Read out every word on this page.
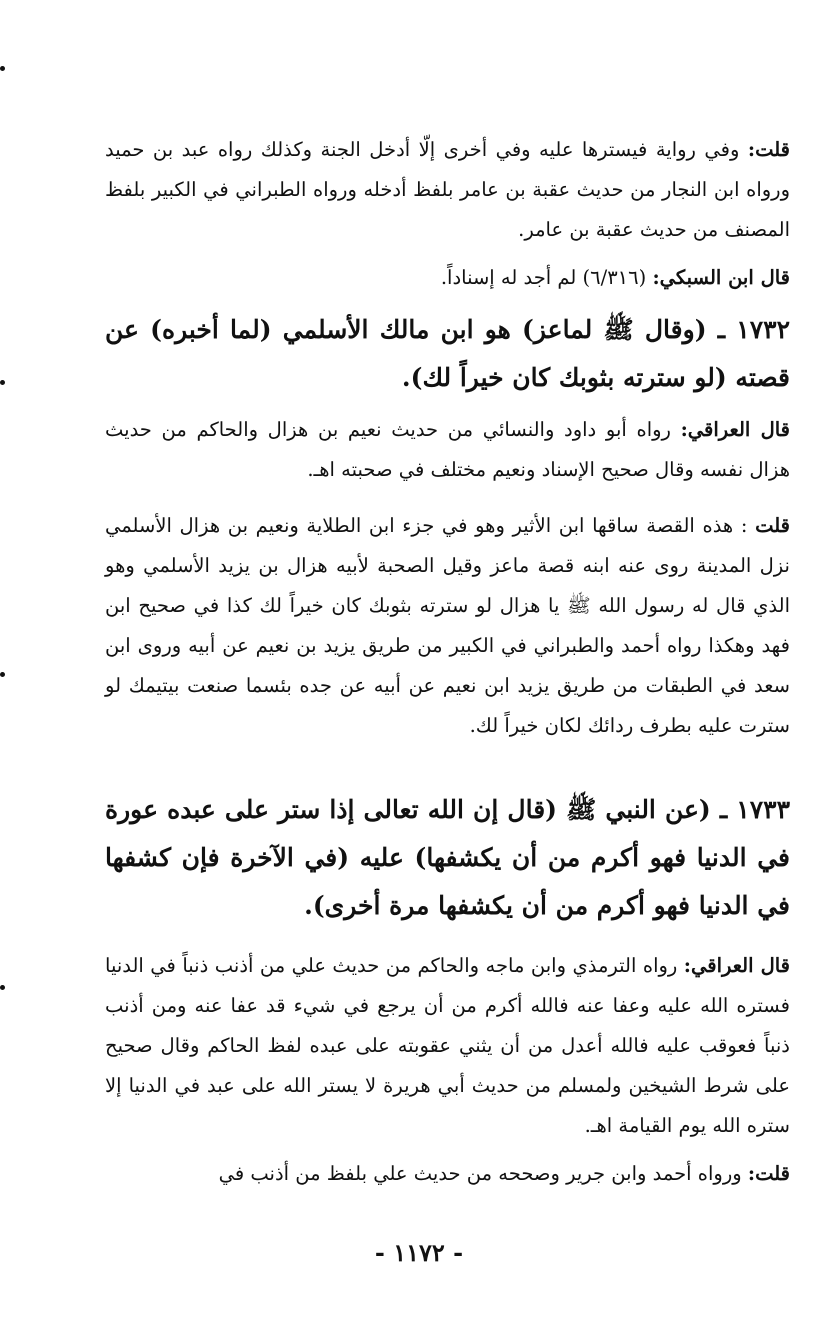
قلت: وفي رواية فيسترها عليه وفي أخرى إلّا أدخل الجنة وكذلك رواه عبد بن حميد ورواه ابن النجار من حديث عقبة بن عامر بلفظ أدخله ورواه الطبراني في الكبير بلفظ المصنف من حديث عقبة بن عامر.

قال ابن السبكي: (٦/٣١٦) لم أجد له إسناداً.

١٧٣٢ ـ (وقال ﷺ لماعز) هو ابن مالك الأسلمي (لما أخبره) عن قصته (لو سترته بثوبك كان خيراً لك).

قال العراقي: رواه أبو داود والنسائي من حديث نعيم بن هزال والحاكم من حديث هزال نفسه وقال صحيح الإسناد ونعيم مختلف في صحبته اهـ.

قلت : هذه القصة ساقها ابن الأثير وهو في جزء ابن الطلاية ونعيم بن هزال الأسلمي نزل المدينة روى عنه ابنه قصة ماعز وقيل الصحبة لأبيه هزال بن يزيد الأسلمي وهو الذي قال له رسول الله ﷺ يا هزال لو سترته بثوبك كان خيراً لك كذا في صحيح ابن فهد وهكذا رواه أحمد والطبراني في الكبير من طريق يزيد بن نعيم عن أبيه وروى ابن سعد في الطبقات من طريق يزيد ابن نعيم عن أبيه عن جده بئسما صنعت بيتيمك لو سترت عليه بطرف ردائك لكان خيراً لك.

١٧٣٣ ـ (عن النبي ﷺ (قال إن الله تعالى إذا ستر على عبده عورة في الدنيا فهو أكرم من أن يكشفها) عليه (في الآخرة فإن كشفها في الدنيا فهو أكرم من أن يكشفها مرة أخرى).

قال العراقي: رواه الترمذي وابن ماجه والحاكم من حديث علي من أذنب ذنباً في الدنيا فستره الله عليه وعفا عنه فالله أكرم من أن يرجع في شيء قد عفا عنه ومن أذنب ذنباً فعوقب عليه فالله أعدل من أن يثني عقوبته على عبده لفظ الحاكم وقال صحيح على شرط الشيخين ولمسلم من حديث أبي هريرة لا يستر الله على عبد في الدنيا إلا ستره الله يوم القيامة اهـ.

قلت: ورواه أحمد وابن جرير وصححه من حديث علي بلفظ من أذنب في

- ١١٧٢ -
